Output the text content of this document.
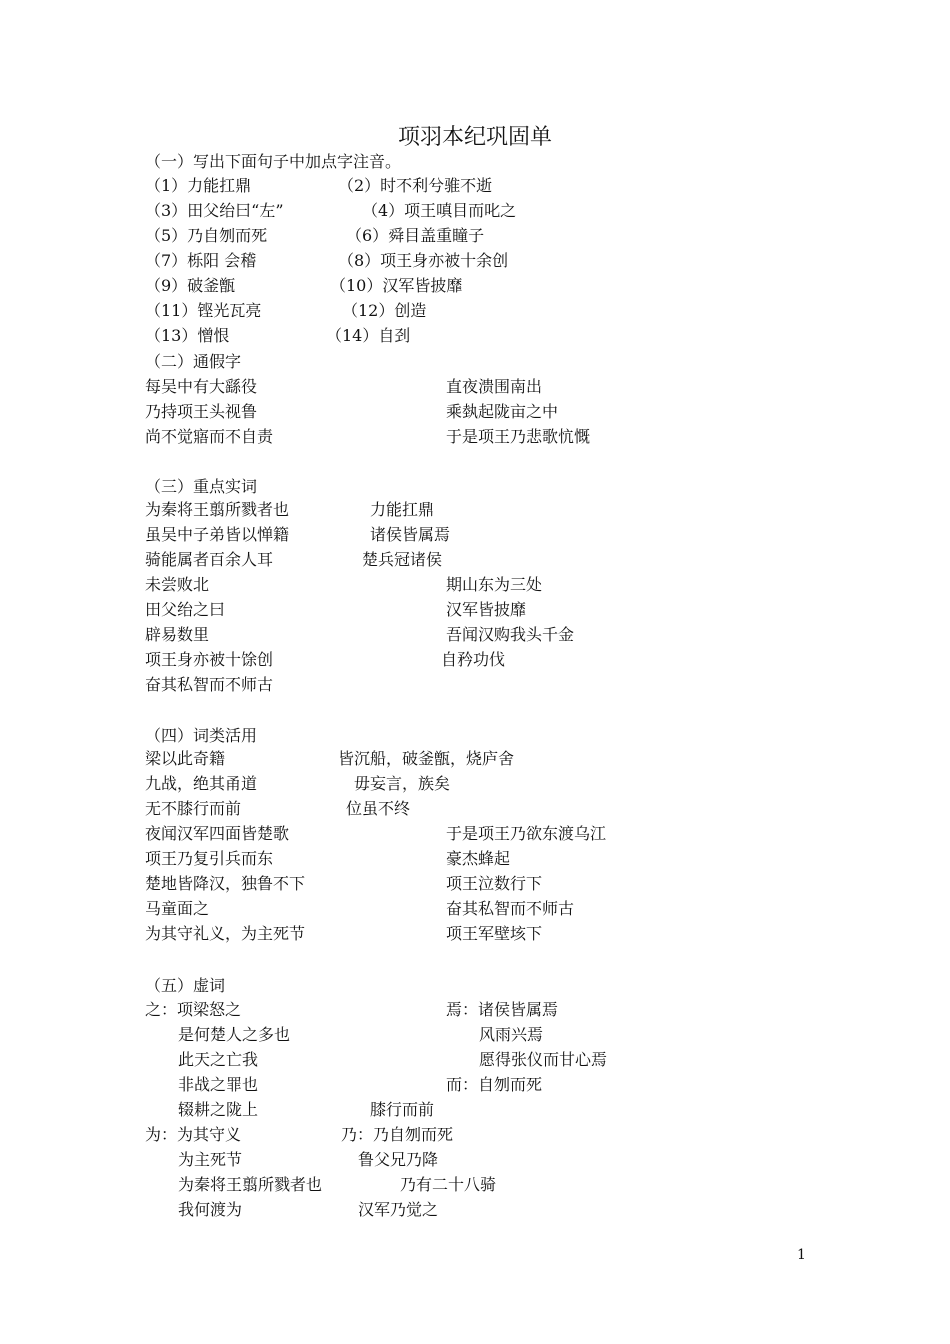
项羽本纪巩固单
（一）写出下面句子中加点字注音。
（1）力能扛鼎	（2）时不利兮骓不逝
（3）田父绐曰“左”	（4）项王嗔目而叱之
（5）乃自刎而死	（6）舜目盖重瞳子
（7）栎阳 会稽	（8）项王身亦被十余创
（9）破釜甑	（10）汉军皆披靡
（11）铿光瓦亮	（12）创造
（13）憎恨	（14）自刭
（二）通假字
每吴中有大繇役	直夜溃围南出
乃持项王头视鲁	乘埶起陇亩之中
尚不觉寤而不自责	于是项王乃悲歌忼慨
（三）重点实词
为秦将王翦所戮者也	力能扛鼎
虽吴中子弟皆以惮籍	诸侯皆属焉
骑能属者百余人耳	楚兵冠诸侯
未尝败北	期山东为三处
田父绐之曰	汉军皆披靡
辟易数里	吾闻汉购我头千金
项王身亦被十馀创	自矜功伐
奋其私智而不师古
（四）词类活用
梁以此奇籍	皆沉船，破釜甑，烧庐舍
九战，绝其甬道	毋妄言，族矣
无不膝行而前	位虽不终
夜闻汉军四面皆楚歌	于是项王乃欲东渡乌江
项王乃复引兵而东	豪杰蜂起
楚地皆降汉，独鲁不下	项王泣数行下
马童面之	奋其私智而不师古
为其守礼义，为主死节	项王军壁垓下
（五）虚词
之：项梁怒之	焉：诸侯皆属焉
是何楚人之多也	风雨兴焉
此天之亡我	愿得张仪而甘心焉
非战之罪也	而：自刎而死
辍耕之陇上	膝行而前
为：为其守义	乃：乃自刎而死
为主死节	鲁父兄乃降
为秦将王翦所戮者也	乃有二十八骑
我何渡为	汉军乃觉之
1
